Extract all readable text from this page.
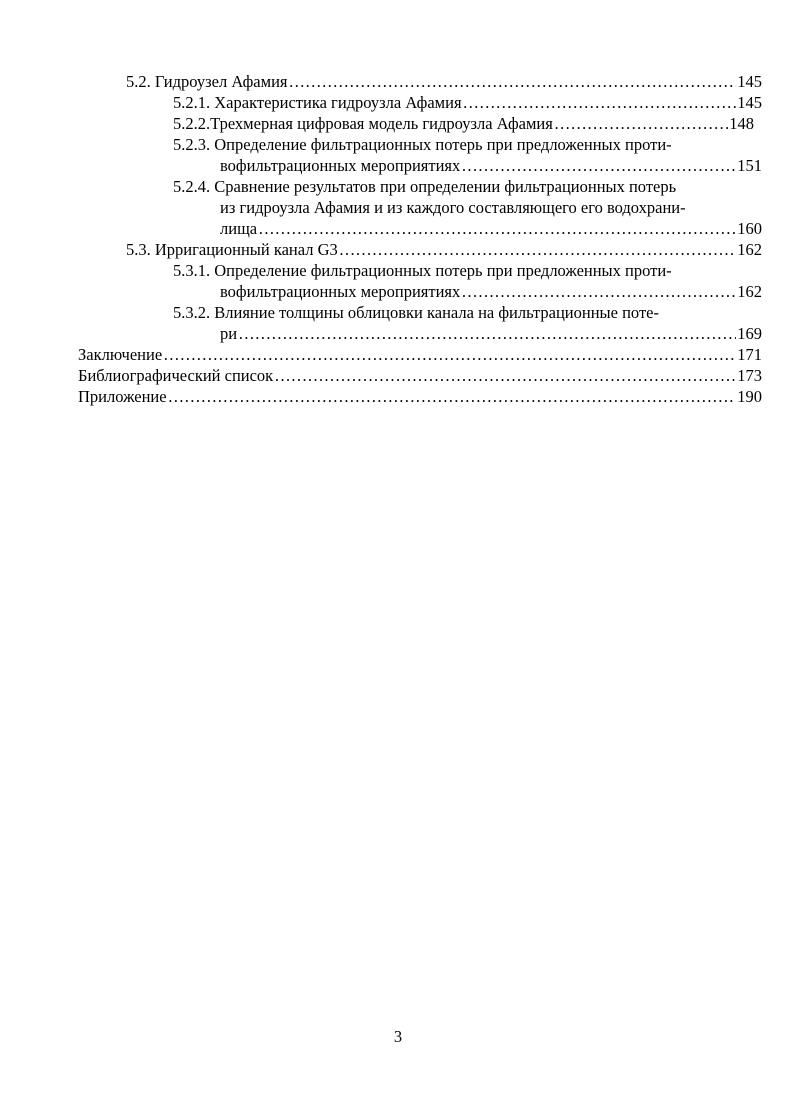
5.2. Гидроузел Афамия ……………………………………………………………………………………………………………………………………………………………	145
5.2.1. Характеристика гидроузла Афамия ……………………………………………………………………………………………………………………………………………………………	145
5.2.2.Трехмерная цифровая модель гидроузла Афамия ……………………………………………………………………………………………………………………………………………………………	148
5.2.3. Определение фильтрационных потерь при предложенных проти-
вофильтрационных мероприятиях ……………………………………………………………………………………………………………………………………………………………	151
5.2.4. Сравнение результатов при определении фильтрационных потерь
из гидроузла Афамия и из каждого составляющего его водохрани-
лища ……………………………………………………………………………………………………………………………………………………………	160
5.3. Ирригационный канал G3 ……………………………………………………………………………………………………………………………………………………………	162
5.3.1. Определение фильтрационных потерь при предложенных проти-
вофильтрационных мероприятиях ……………………………………………………………………………………………………………………………………………………………	162
5.3.2. Влияние толщины облицовки канала на фильтрационные поте-
ри ……………………………………………………………………………………………………………………………………………………………	169
Заключение ……………………………………………………………………………………………………………………………………………………………	171
Библиографический список ……………………………………………………………………………………………………………………………………………………………	173
Приложение ……………………………………………………………………………………………………………………………………………………………	190
3
